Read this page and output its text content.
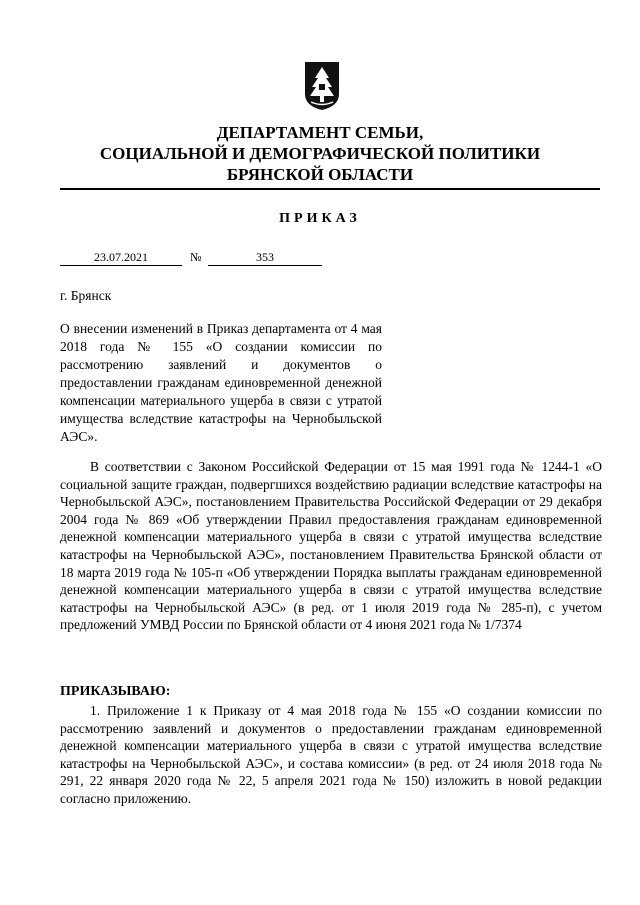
ДЕПАРТАМЕНТ СЕМЬИ,
СОЦИАЛЬНОЙ И ДЕМОГРАФИЧЕСКОЙ ПОЛИТИКИ
БРЯНСКОЙ ОБЛАСТИ
ПРИКАЗ
23.07.2021	№	353
г. Брянск
О внесении изменений в Приказ департамента от 4 мая 2018 года № 155 «О создании комиссии по рассмотрению заявлений и документов о предоставлении гражданам единовременной денежной компенсации материального ущерба в связи с утратой имущества вследствие катастрофы на Чернобыльской АЭС».
В соответствии с Законом Российской Федерации от 15 мая 1991 года № 1244-1 «О социальной защите граждан, подвергшихся воздействию радиации вследствие катастрофы на Чернобыльской АЭС», постановлением Правительства Российской Федерации от 29 декабря 2004 года № 869 «Об утверждении Правил предоставления гражданам единовременной денежной компенсации материального ущерба в связи с утратой имущества вследствие катастрофы на Чернобыльской АЭС», постановлением Правительства Брянской области от 18 марта 2019 года № 105-п «Об утверждении Порядка выплаты гражданам единовременной денежной компенсации материального ущерба в связи с утратой имущества вследствие катастрофы на Чернобыльской АЭС» (в ред. от 1 июля 2019 года № 285-п), с учетом предложений УМВД России по Брянской области от 4 июня 2021 года № 1/7374
ПРИКАЗЫВАЮ:
1. Приложение 1 к Приказу от 4 мая 2018 года № 155 «О создании комиссии по рассмотрению заявлений и документов о предоставлении гражданам единовременной денежной компенсации материального ущерба в связи с утратой имущества вследствие катастрофы на Чернобыльской АЭС», и состава комиссии» (в ред. от 24 июля 2018 года № 291, 22 января 2020 года № 22, 5 апреля 2021 года № 150) изложить в новой редакции согласно приложению.
